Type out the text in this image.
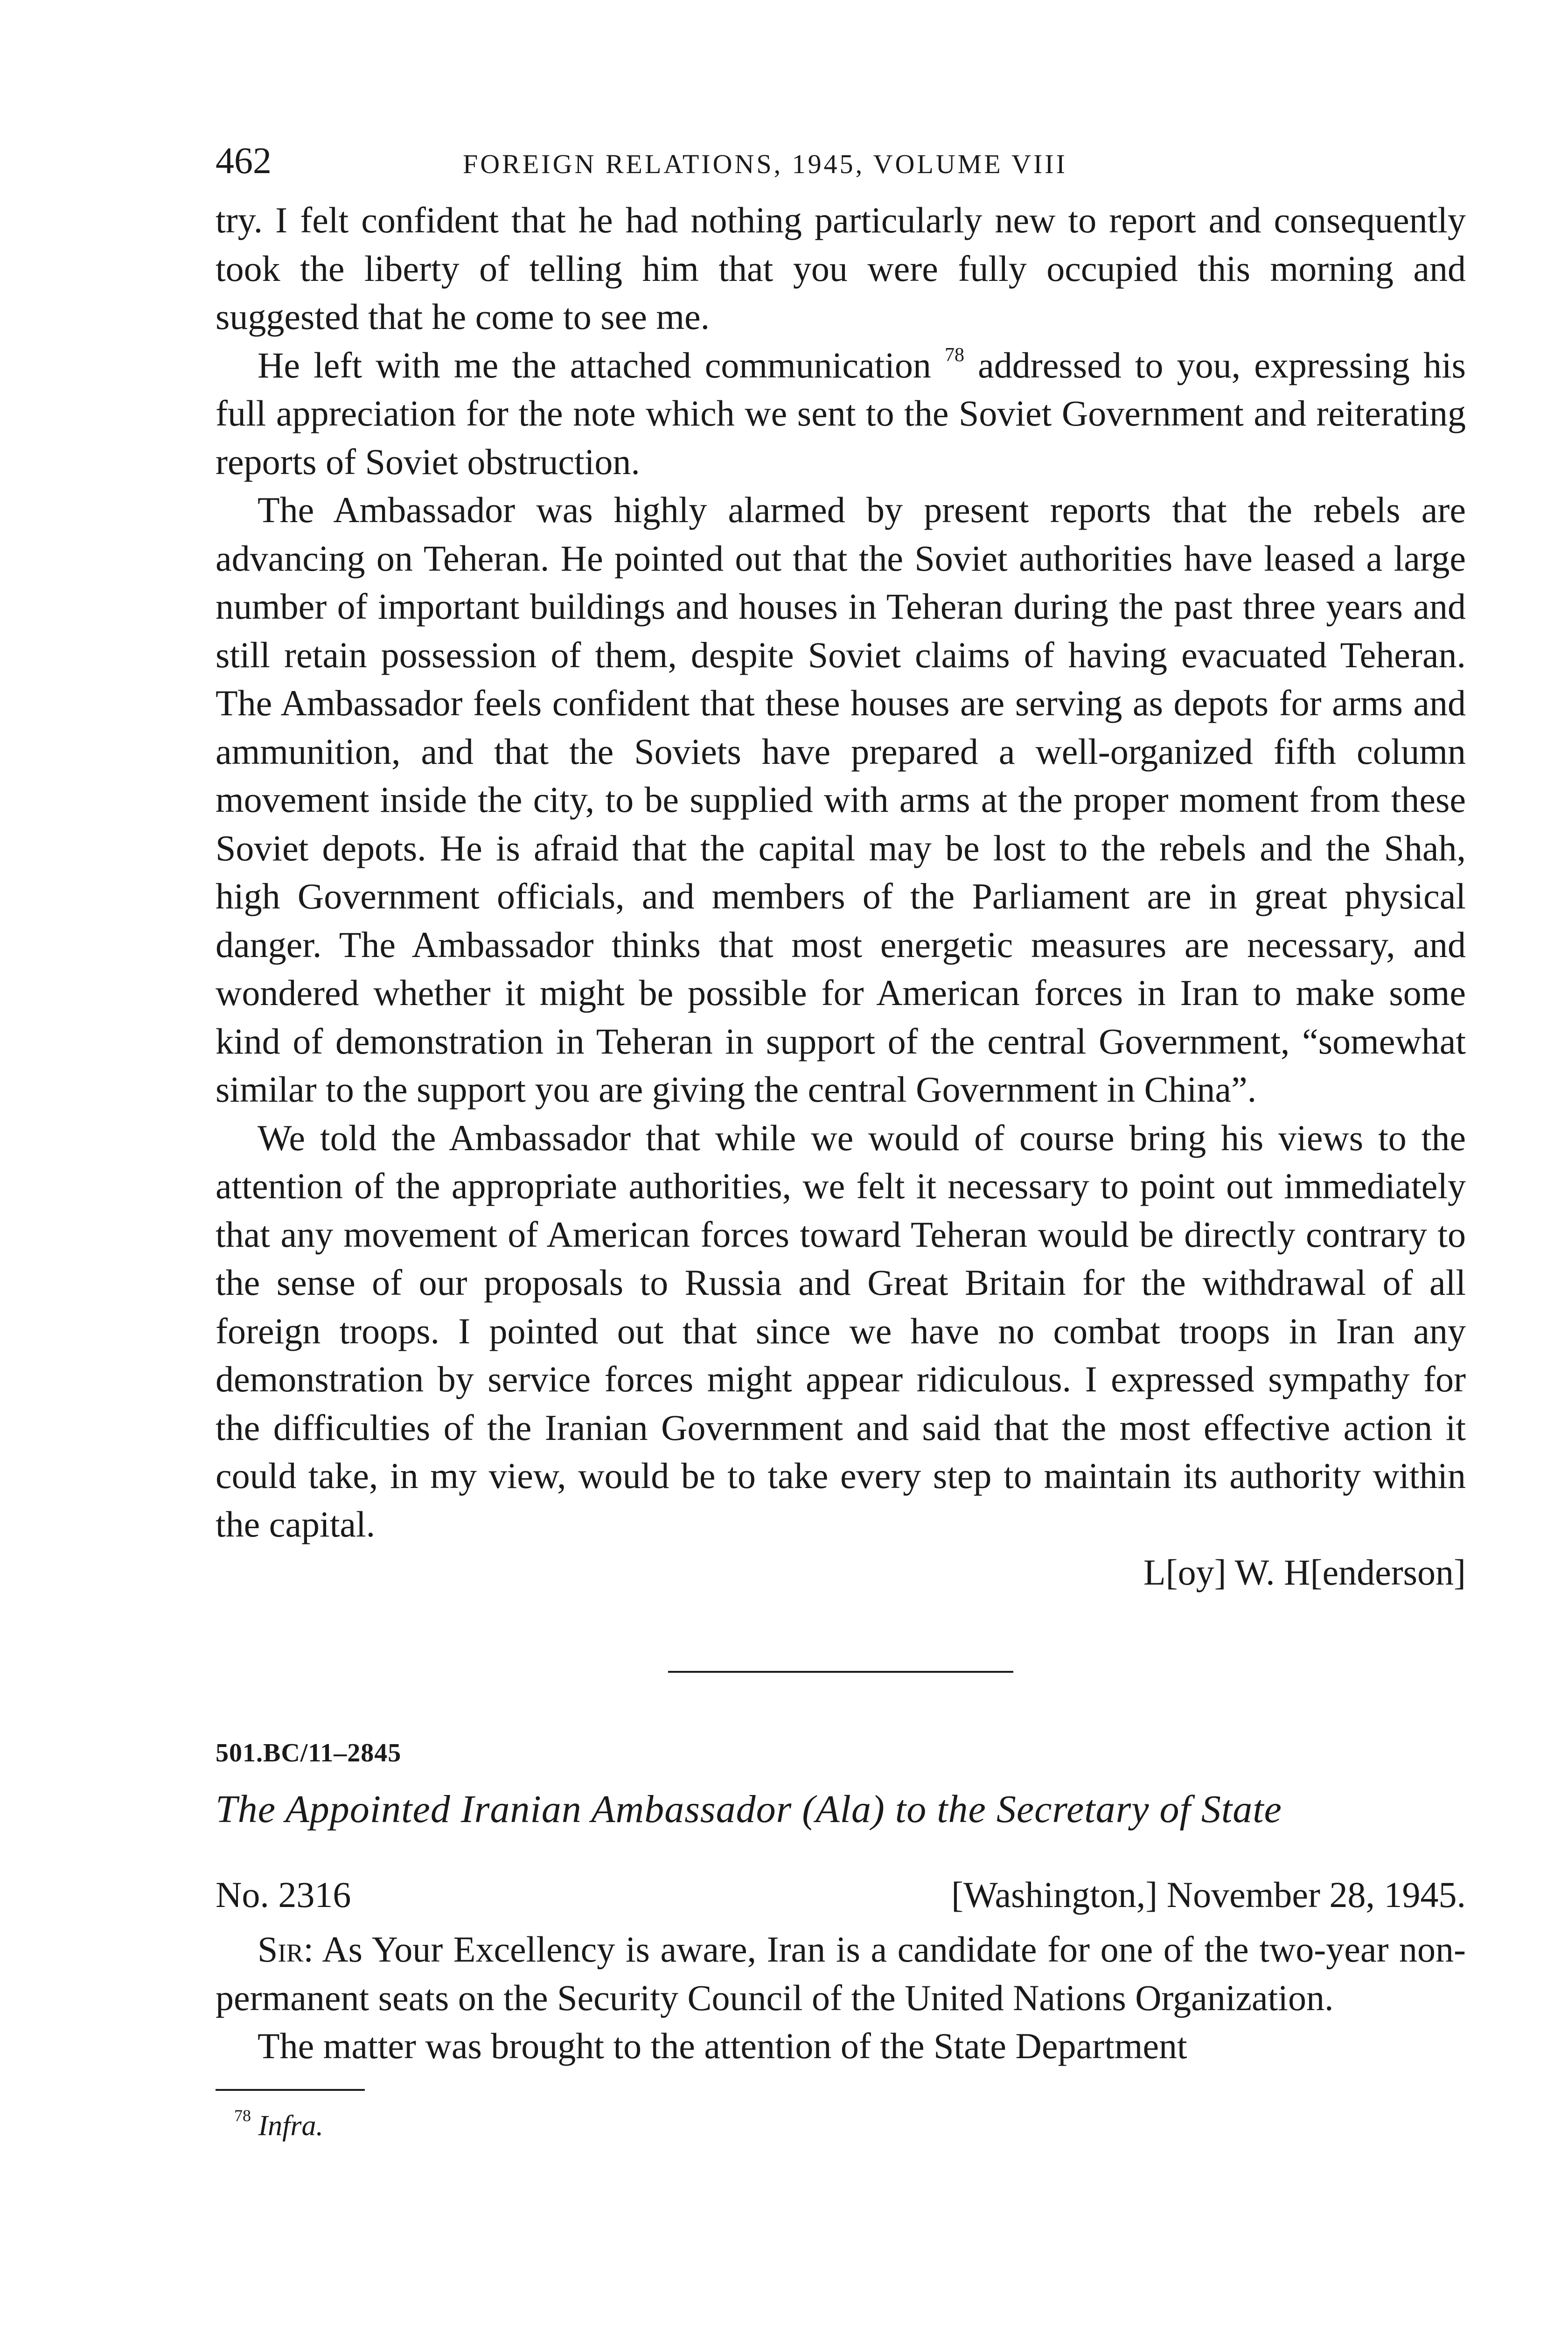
462	FOREIGN RELATIONS, 1945, VOLUME VIII

try. I felt confident that he had nothing particularly new to report and consequently took the liberty of telling him that you were fully occupied this morning and suggested that he come to see me.

He left with me the attached communication $^{78}$ addressed to you, expressing his full appreciation for the note which we sent to the Soviet Government and reiterating reports of Soviet obstruction.

The Ambassador was highly alarmed by present reports that the rebels are advancing on Teheran. He pointed out that the Soviet authorities have leased a large number of important buildings and houses in Teheran during the past three years and still retain possession of them, despite Soviet claims of having evacuated Teheran. The Ambassador feels confident that these houses are serving as depots for arms and ammunition, and that the Soviets have prepared a well-organized fifth column movement inside the city, to be supplied with arms at the proper moment from these Soviet depots. He is afraid that the capital may be lost to the rebels and the Shah, high Government officials, and members of the Parliament are in great physical danger. The Ambassador thinks that most energetic measures are necessary, and wondered whether it might be possible for American forces in Iran to make some kind of demonstration in Teheran in support of the central Government, “somewhat similar to the support you are giving the central Government in China”.

We told the Ambassador that while we would of course bring his views to the attention of the appropriate authorities, we felt it necessary to point out immediately that any movement of American forces toward Teheran would be directly contrary to the sense of our proposals to Russia and Great Britain for the withdrawal of all foreign troops. I pointed out that since we have no combat troops in Iran any demonstration by service forces might appear ridiculous. I expressed sympathy for the difficulties of the Iranian Government and said that the most effective action it could take, in my view, would be to take every step to maintain its authority within the capital.

L[oy] W. H[enderson]

501.BC/11–2845

The Appointed Iranian Ambassador (Ala) to the Secretary of State

No. 2316	[Washington,] November 28, 1945.

Sir: As Your Excellency is aware, Iran is a candidate for one of the two-year non-permanent seats on the Security Council of the United Nations Organization.

The matter was brought to the attention of the State Department

$^{78}$ Infra.
